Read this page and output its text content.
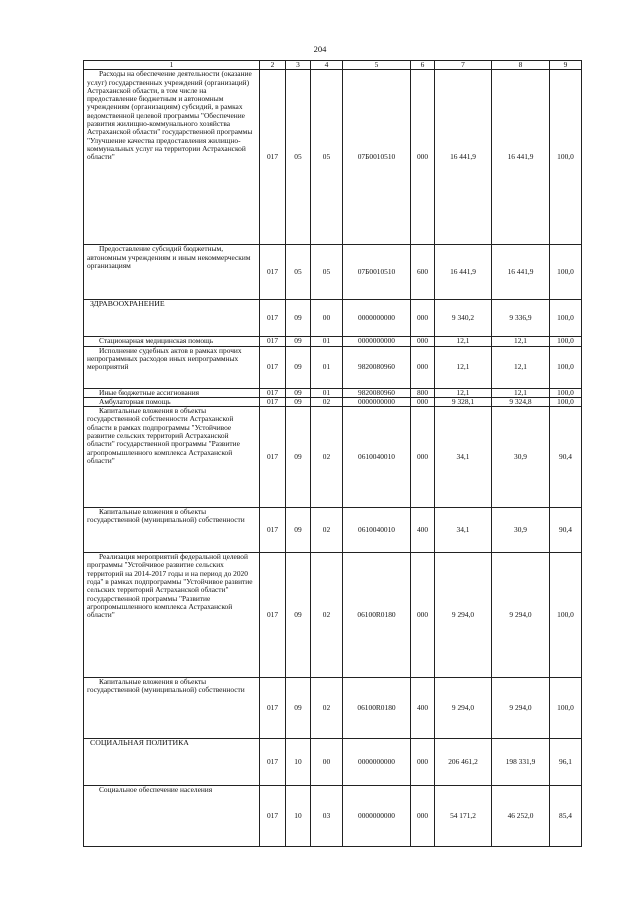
204
1	2	3	4	5	6	7	8	9

Расходы на обеспечение деятельности (оказание услуг) государственных учреждений (организаций) Астраханской области, в том числе на предоставление бюджетным и автономным учреждениям (организациям) субсидий, в рамках ведомственной целевой программы "Обеспечение развития жилищно-коммунального хозяйства Астраханской области" государственной программы "Улучшение качества предоставления жилищно-коммунальных услуг на территории Астраханской области"	017	05	05	07Б0010510	000	16 441,9	16 441,9	100,0

Предоставление субсидий бюджетным, автономным учреждениям и иным некоммерческим организациям	017	05	05	07Б0010510	600	16 441,9	16 441,9	100,0

ЗДРАВООХРАНЕНИЕ	017	09	00	0000000000	000	9 340,2	9 336,9	100,0

Стационарная медицинская помощь	017	09	01	0000000000	000	12,1	12,1	100,0

Исполнение судебных актов в рамках прочих непрограммных расходов иных непрограммных мероприятий	017	09	01	9820080960	000	12,1	12,1	100,0

Иные бюджетные ассигнования	017	09	01	9820080960	800	12,1	12,1	100,0

Амбулаторная помощь	017	09	02	0000000000	000	9 328,1	9 324,8	100,0

Капитальные вложения в объекты государственной собственности Астраханской области в рамках подпрограммы "Устойчивое развитие сельских территорий Астраханской области" государственной программы "Развитие агропромышленного комплекса Астраханской области"	017	09	02	0610040010	000	34,1	30,9	90,4

Капитальные вложения в объекты государственной (муниципальной) собственности	017	09	02	0610040010	400	34,1	30,9	90,4

Реализация мероприятий федеральной целевой программы "Устойчивое развитие сельских территорий на 2014-2017 годы и на период до 2020 года" в рамках подпрограммы "Устойчивое развитие сельских территорий Астраханской области" государственной программы "Развитие агропромышленного комплекса Астраханской области"	017	09	02	06100R0180	000	9 294,0	9 294,0	100,0

Капитальные вложения в объекты государственной (муниципальной) собственности	017	09	02	06100R0180	400	9 294,0	9 294,0	100,0

СОЦИАЛЬНАЯ ПОЛИТИКА	017	10	00	0000000000	000	206 461,2	198 331,9	96,1

Социальное обеспечение населения	017	10	03	0000000000	000	54 171,2	46 252,0	85,4
